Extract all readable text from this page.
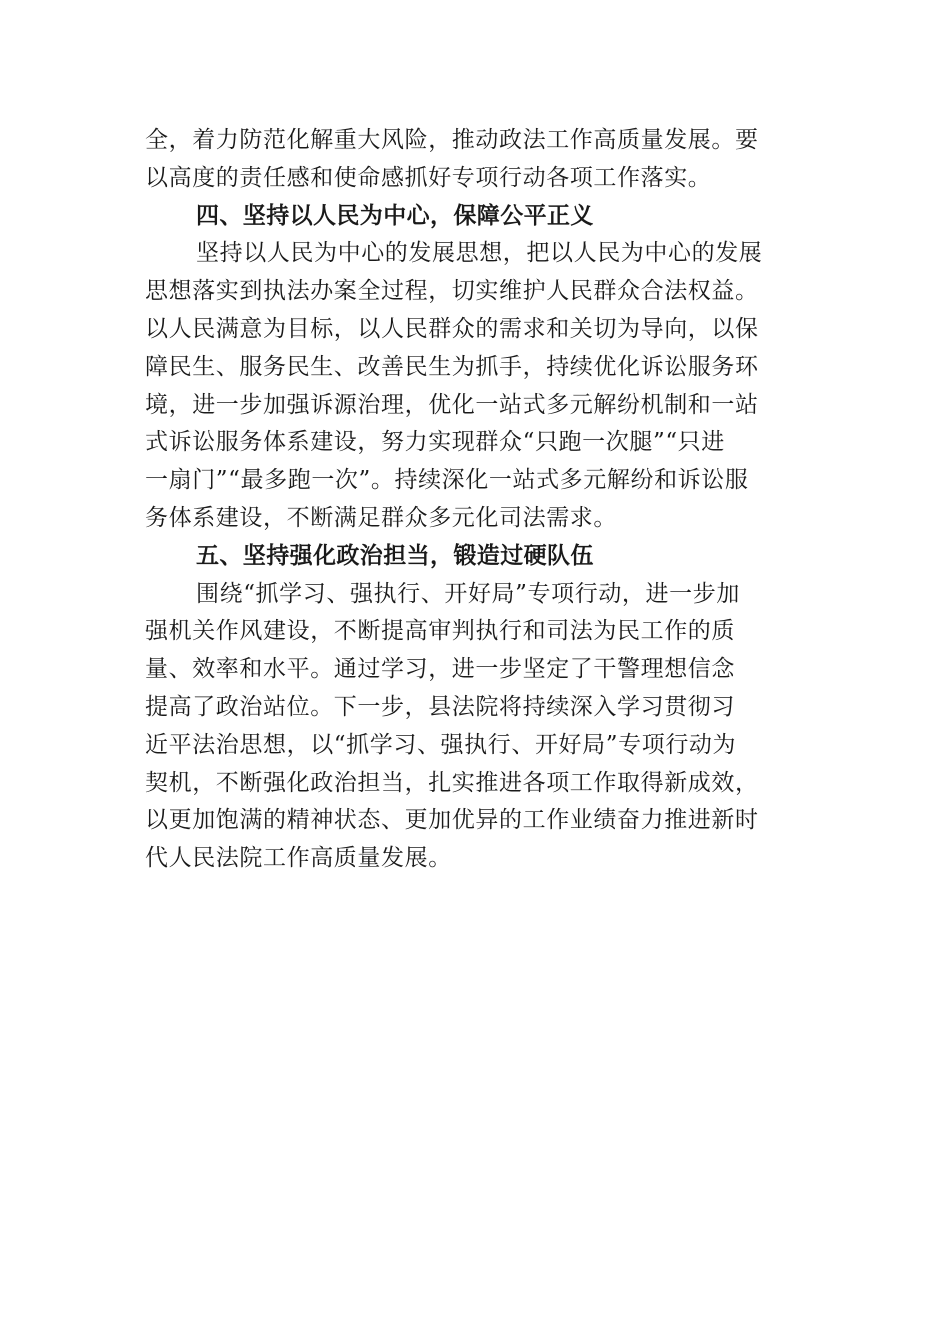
全，着力防范化解重大风险，推动政法工作高质量发展。要
以高度的责任感和使命感抓好专项行动各项工作落实。
四、坚持以人民为中心，保障公平正义
坚持以人民为中心的发展思想，把以人民为中心的发展
思想落实到执法办案全过程，切实维护人民群众合法权益。
以人民满意为目标，以人民群众的需求和关切为导向，以保
障民生、服务民生、改善民生为抓手，持续优化诉讼服务环
境，进一步加强诉源治理，优化一站式多元解纷机制和一站
式诉讼服务体系建设，努力实现群众“只跑一次腿”“只进
一扇门”“最多跑一次”。持续深化一站式多元解纷和诉讼服
务体系建设，不断满足群众多元化司法需求。
五、坚持强化政治担当，锻造过硬队伍
围绕“抓学习、强执行、开好局”专项行动，进一步加
强机关作风建设，不断提高审判执行和司法为民工作的质
量、效率和水平。通过学习，进一步坚定了干警理想信念
提高了政治站位。下一步，县法院将持续深入学习贯彻习
近平法治思想，以“抓学习、强执行、开好局”专项行动为
契机，不断强化政治担当，扎实推进各项工作取得新成效，
以更加饱满的精神状态、更加优异的工作业绩奋力推进新时
代人民法院工作高质量发展。
